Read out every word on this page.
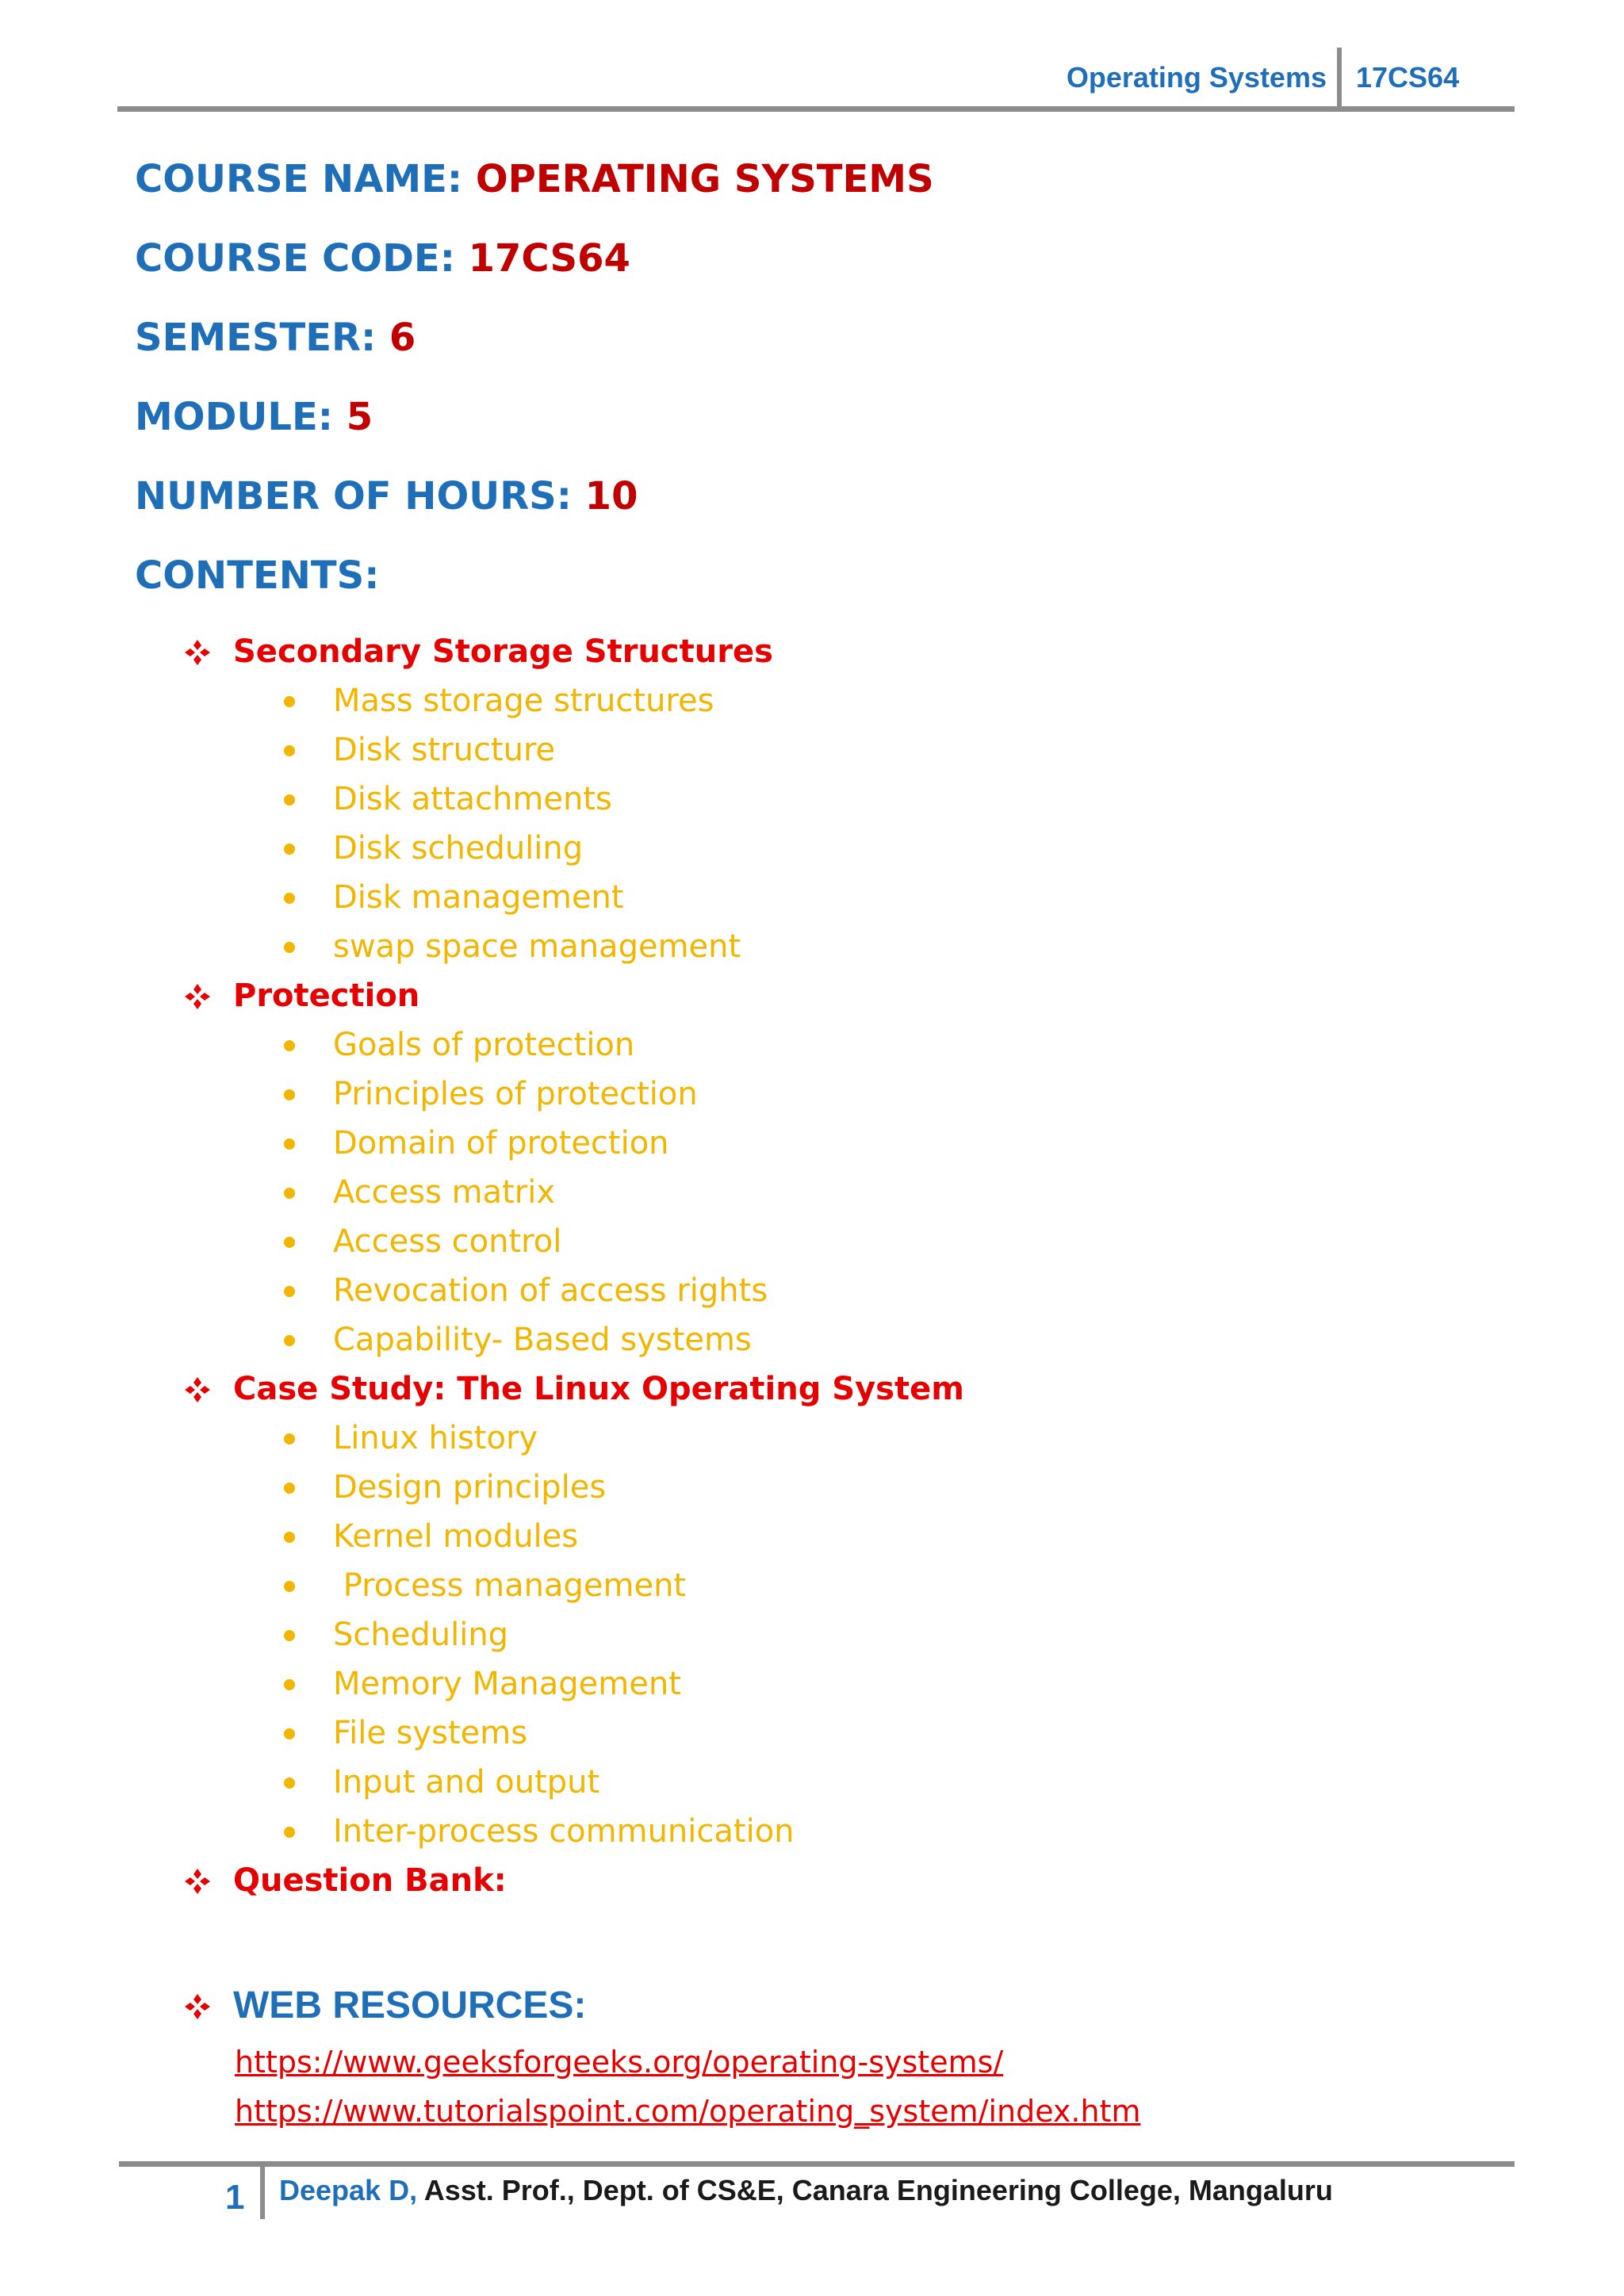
Operating Systems 17CS64
COURSE NAME: OPERATING SYSTEMS
COURSE CODE: 17CS64
SEMESTER: 6
MODULE: 5
NUMBER OF HOURS: 10
CONTENTS:
Secondary Storage Structures
Mass storage structures
Disk structure
Disk attachments
Disk scheduling
Disk management
swap space management
Protection
Goals of protection
Principles of protection
Domain of protection
Access matrix
Access control
Revocation of access rights
Capability- Based systems
Case Study: The Linux Operating System
Linux history
Design principles
Kernel modules
Process management
Scheduling
Memory Management
File systems
Input and output
Inter-process communication
Question Bank:
WEB RESOURCES:
https://www.geeksforgeeks.org/operating-systems/
https://www.tutorialspoint.com/operating_system/index.htm
1 Deepak D, Asst. Prof., Dept. of CS&E, Canara Engineering College, Mangaluru
